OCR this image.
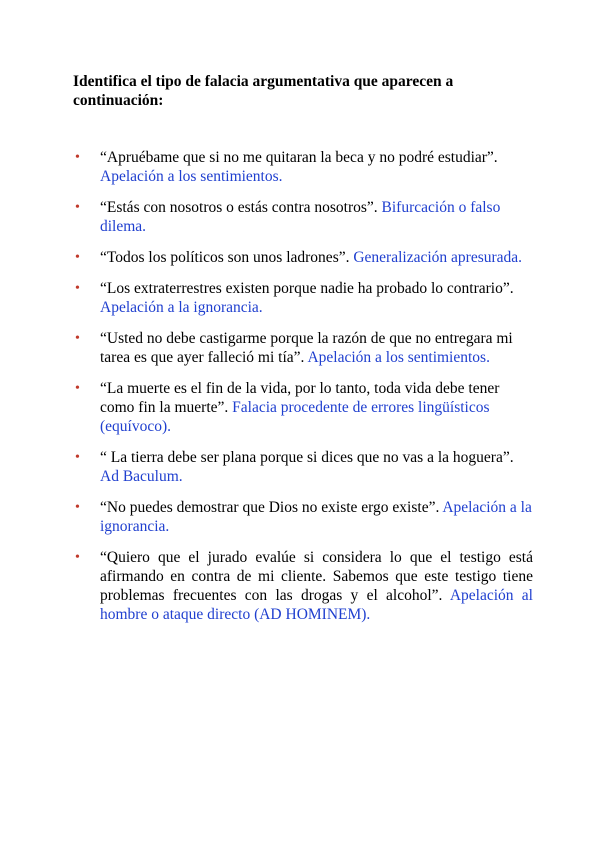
Identifica el tipo de falacia argumentativa que aparecen a continuación:
• “Apruébame que si no me quitaran la beca y no podré estudiar”. Apelación a los sentimientos.
• “Estás con nosotros o estás contra nosotros”. Bifurcación o falso dilema.
• “Todos los políticos son unos ladrones”. Generalización apresurada.
• “Los extraterrestres existen porque nadie ha probado lo contrario”. Apelación a la ignorancia.
• “Usted no debe castigarme porque la razón de que no entregara mi tarea es que ayer falleció mi tía”. Apelación a los sentimientos.
• “La muerte es el fin de la vida, por lo tanto, toda vida debe tener como fin la muerte”. Falacia procedente de errores lingüísticos (equívoco).
• “ La tierra debe ser plana porque si dices que no vas a la hoguera”. Ad Baculum.
• “No puedes demostrar que Dios no existe ergo existe”. Apelación a la ignorancia.
• “Quiero que el jurado evalúe si considera lo que el testigo está afirmando en contra de mi cliente. Sabemos que este testigo tiene problemas frecuentes con las drogas y el alcohol”. Apelación al hombre o ataque directo (AD HOMINEM).
